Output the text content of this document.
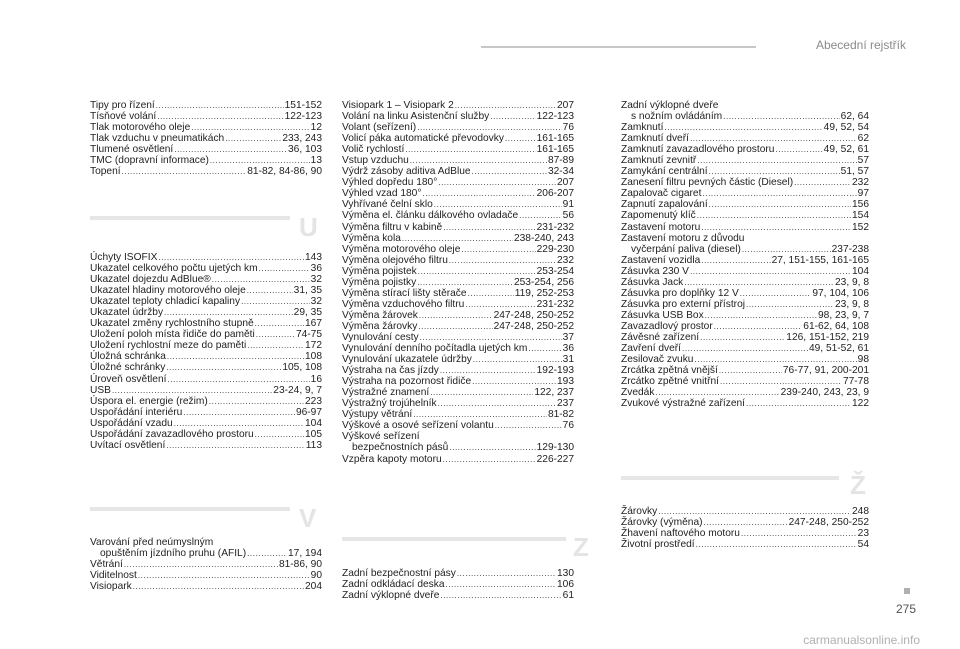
Abecední rejstřík
Tipy pro řízení .....	151-152
Tísňové volání .....	122-123
Tlak motorového oleje .....	12
Tlak vzduchu v pneumatikách .....	233, 243
Tlumené osvětlení .....	36, 103
TMC (dopravní informace) .....	13
Topení .....	81-82, 84-86, 90
U
Úchyty ISOFIX .....	143
Ukazatel celkového počtu ujetých km .....	36
Ukazatel dojezdu AdBlue® .....	32
Ukazatel hladiny motorového oleje .....	31, 35
Ukazatel teploty chladicí kapaliny .....	32
Ukazatel údržby .....	29, 35
Ukazatel změny rychlostního stupně .....	167
Uložení poloh místa řidiče do paměti .....	74-75
Uložení rychlostní meze do paměti .....	172
Úložná schránka .....	108
Úložné schránky .....	105, 108
Úroveň osvětlení .....	16
USB .....	23-24, 9, 7
Úspora el. energie (režim) .....	223
Uspořádání interiéru .....	96-97
Uspořádání vzadu .....	104
Uspořádání zavazadlového prostoru .....	105
Uvítací osvětlení .....	113
V
Varování před neúmyslným
opuštěním jízdního pruhu (AFIL) .....	17, 194
Větrání .....	81-86, 90
Viditelnost .....	90
Visiopark .....	204
Visiopark 1 – Visiopark 2 .....	207
Volání na linku Asistenční služby .....	122-123
Volant (seřízení) .....	76
Volicí páka automatické převodovky .....	161-165
Volič rychlostí .....	161-165
Vstup vzduchu .....	87-89
Výdrž zásoby aditiva AdBlue .....	32-34
Výhled dopředu 180° .....	207
Výhled vzad 180° .....	206-207
Vyhřívané čelní sklo .....	91
Výměna el. článku dálkového ovladače .....	56
Výměna filtru v kabině .....	231-232
Výměna kola .....	238-240, 243
Výměna motorového oleje .....	229-230
Výměna olejového filtru .....	232
Výměna pojistek .....	253-254
Výměna pojistky .....	253-254, 256
Výměna stírací lišty stěrače .....	119, 252-253
Výměna vzduchového filtru .....	231-232
Výměna žárovek .....	247-248, 250-252
Výměna žárovky .....	247-248, 250-252
Vynulování cesty .....	37
Vynulování denního počítadla ujetých km .....	36
Vynulování ukazatele údržby .....	31
Výstraha na čas jízdy .....	192-193
Výstraha na pozornost řidiče .....	193
Výstražné znamení .....	122, 237
Výstražný trojúhelník .....	237
Výstupy větrání .....	81-82
Výškové a osové seřízení volantu .....	76
Výškové seřízení
bezpečnostních pásů .....	129-130
Vzpěra kapoty motoru .....	226-227
Z
Zadní bezpečnostní pásy .....	130
Zadní odkládací deska .....	106
Zadní výklopné dveře .....	61
Zadní výklopné dveře
s nožním ovládáním .....	62, 64
Zamknutí .....	49, 52, 54
Zamknutí dveří .....	62
Zamknutí zavazadlového prostoru .....	49, 52, 61
Zamknutí zevnitř .....	57
Zamykání centrální .....	51, 57
Zanesení filtru pevných částic (Diesel) .....	232
Zapalovač cigaret .....	97
Zapnutí zapalování .....	156
Zapomenutý klíč .....	154
Zastavení motoru .....	152
Zastavení motoru z důvodu
vyčerpání paliva (diesel) .....	237-238
Zastavení vozidla .....	27, 151-155, 161-165
Zásuvka 230 V .....	104
Zásuvka Jack .....	23, 9, 8
Zásuvka pro doplňky 12 V .....	97, 104, 106
Zásuvka pro externí přístroj .....	23, 9, 8
Zásuvka USB Box .....	98, 23, 9, 7
Zavazadlový prostor .....	61-62, 64, 108
Závěsné zařízení .....	126, 151-152, 219
Zavření dveří .....	49, 51-52, 61
Zesilovač zvuku .....	98
Zrcátka zpětná vnější .....	76-77, 91, 200-201
Zrcátko zpětné vnitřní .....	77-78
Zvedák .....	239-240, 243, 23, 9
Zvukové výstražné zařízení .....	122
Ž
Žárovky .....	248
Žárovky (výměna) .....	247-248, 250-252
Žhavení naftového motoru .....	23
Životní prostředí .....	54
275
carmanualsonline.info
